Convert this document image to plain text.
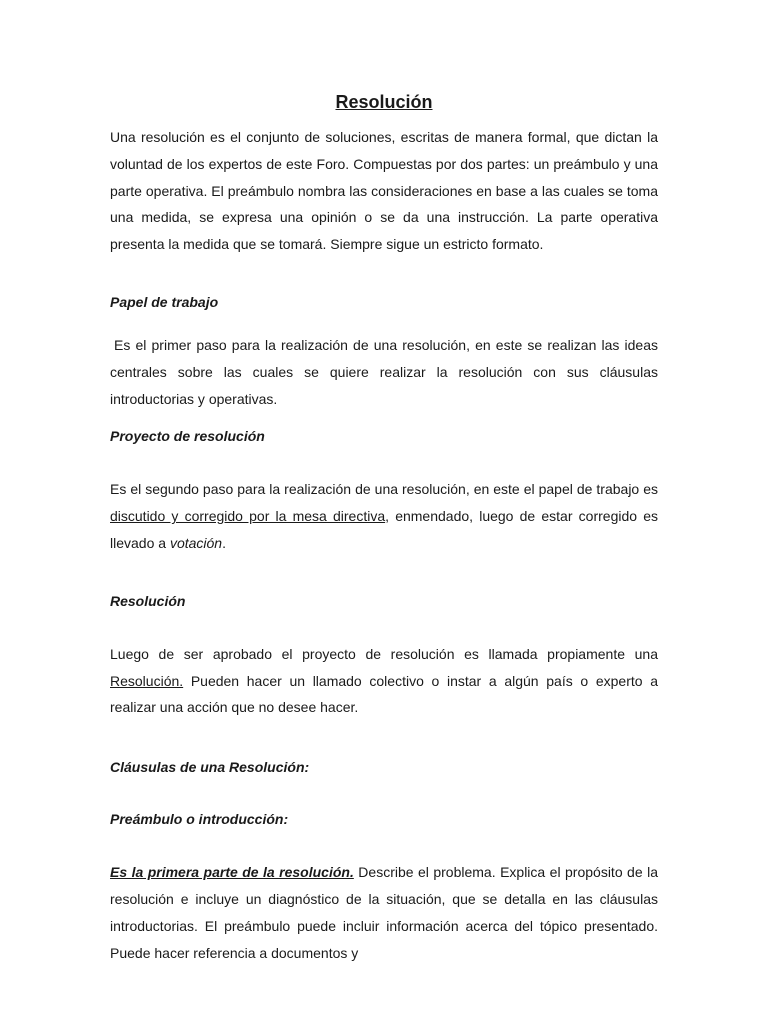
Resolución

Una resolución es el conjunto de soluciones, escritas de manera formal, que dictan la voluntad de los expertos de este Foro. Compuestas por dos partes: un preámbulo y una parte operativa. El preámbulo nombra las consideraciones en base a las cuales se toma una medida, se expresa una opinión o se da una instrucción. La parte operativa presenta la medida que se tomará. Siempre sigue un estricto formato.

Papel de trabajo

Es el primer paso para la realización de una resolución, en este se realizan las ideas centrales sobre las cuales se quiere realizar la resolución con sus cláusulas introductorias y operativas.

Proyecto de resolución

Es el segundo paso para la realización de una resolución, en este el papel de trabajo es discutido y corregido por la mesa directiva, enmendado, luego de estar corregido es llevado a votación.

Resolución

Luego de ser aprobado el proyecto de resolución es llamada propiamente una Resolución. Pueden hacer un llamado colectivo o instar a algún país o experto a realizar una acción que no desee hacer.

Cláusulas de una Resolución:
Preámbulo o introducción:

Es la primera parte de la resolución. Describe el problema. Explica el propósito de la resolución e incluye un diagnóstico de la situación, que se detalla en las cláusulas introductorias. El preámbulo puede incluir información acerca del tópico presentado. Puede hacer referencia a documentos y
